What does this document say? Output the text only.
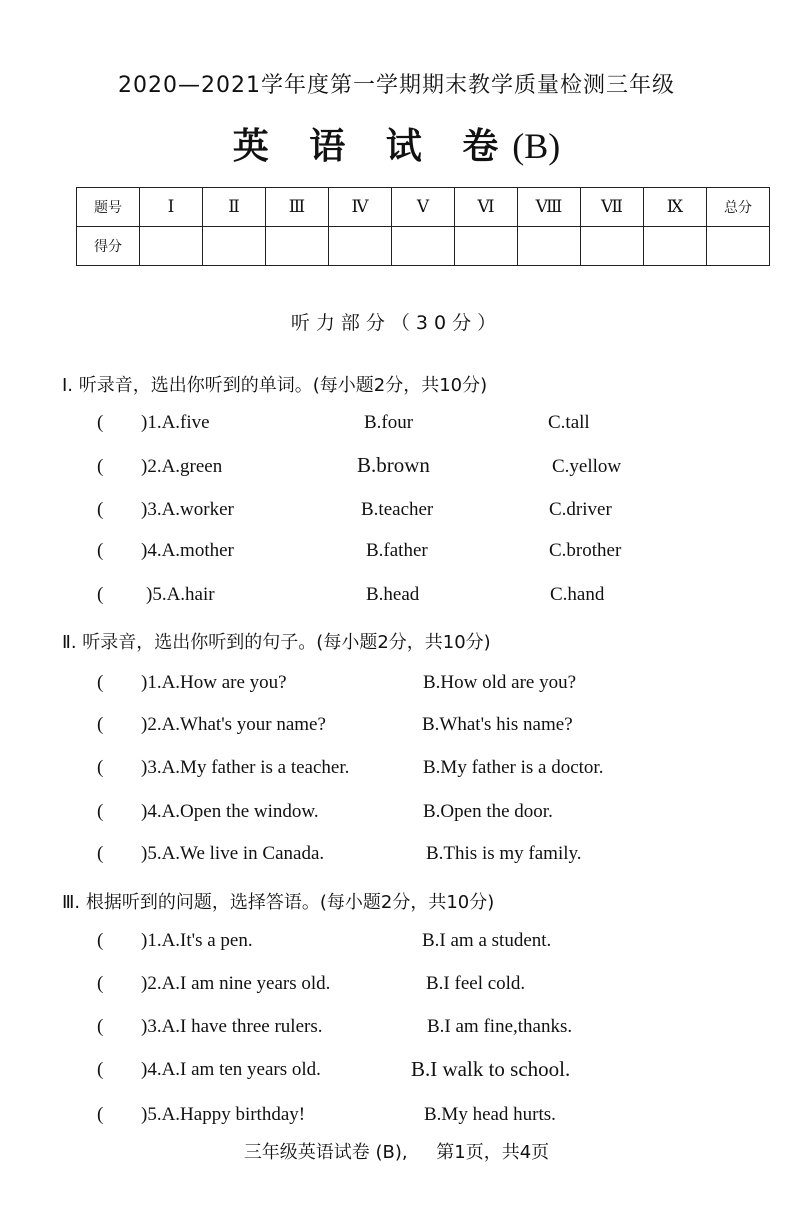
2020—2021学年度第一学期期末教学质量检测三年级
英 语 试 卷(B)
题号	Ⅰ	Ⅱ	Ⅲ	Ⅳ	Ⅴ	Ⅵ	Ⅷ	Ⅶ	Ⅸ	总分
得分										
听力部分（30分）
I. 听录音，选出你听到的单词。(每小题2分，共10分)
( )1.A.five	B.four	C.tall
( )2.A.green	B.brown	C.yellow
( )3.A.worker	B.teacher	C.driver
( )4.A.mother	B.father	C.brother
( )5.A.hair	B.head	C.hand
Ⅱ. 听录音，选出你听到的句子。(每小题2分，共10分)
( )1.A.How are you?	B.How old are you?
( )2.A.What's your name?	B.What's his name?
( )3.A.My father is a teacher.	B.My father is a doctor.
( )4.A.Open the window.	B.Open the door.
( )5.A.We live in Canada.	B.This is my family.
Ⅲ. 根据听到的问题，选择答语。(每小题2分，共10分)
( )1.A.It's a pen.	B.I am a student.
( )2.A.I am nine years old.	B.I feel cold.
( )3.A.I have three rulers.	B.I am fine,thanks.
( )4.A.I am ten years old.	B.I walk to school.
( )5.A.Happy birthday!	B.My head hurts.
三年级英语试卷 (B),     第1页，共4页
